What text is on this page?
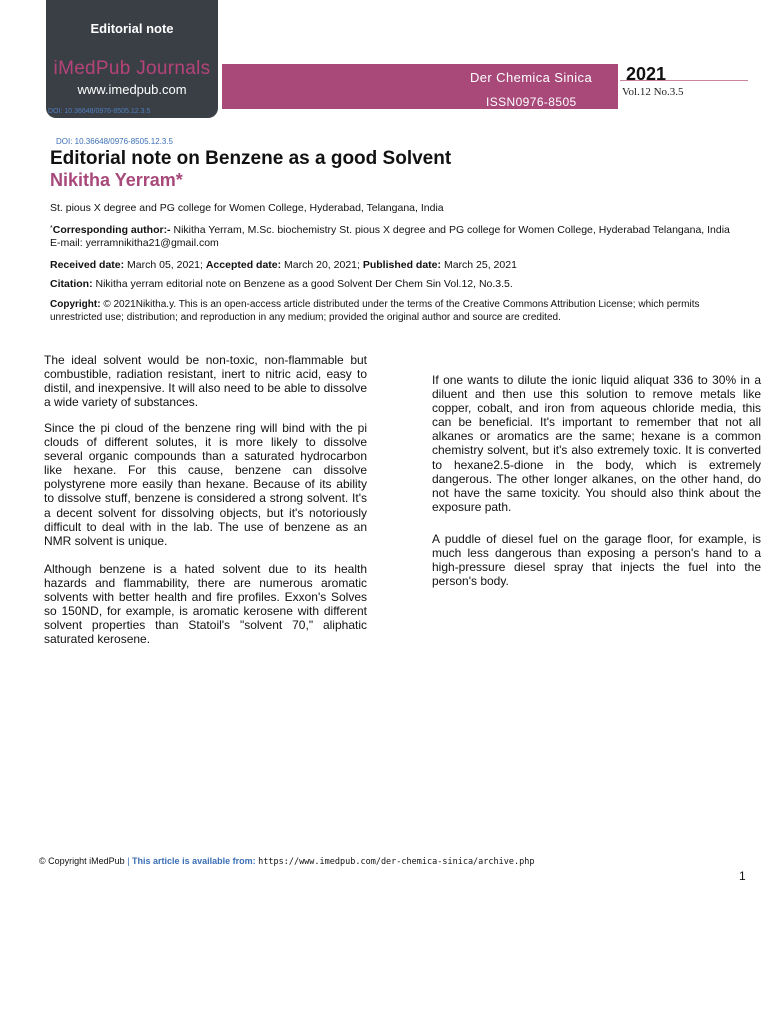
Editorial note
iMedPub Journals
www.imedpub.com
DOI: 10.36648/0976-8505.12.3.5
Der Chemica Sinica
ISSN0976-8505
2021
Vol.12 No.3.5
DOI: 10.36648/0976-8505.12.3.5
Editorial note on Benzene as a good Solvent
Nikitha Yerram*
St. pious X degree and PG college for Women College, Hyderabad, Telangana, India
*Corresponding author:- Nikitha Yerram, M.Sc. biochemistry St. pious X degree and PG college for Women College, Hyderabad Telangana, India E-mail: yerramnikitha21@gmail.com
Received date: March 05, 2021; Accepted date: March 20, 2021; Published date: March 25, 2021
Citation: Nikitha yerram editorial note on Benzene as a good Solvent Der Chem Sin Vol.12, No.3.5.
Copyright: © 2021Nikitha.y. This is an open-access article distributed under the terms of the Creative Commons Attribution License; which permits unrestricted use; distribution; and reproduction in any medium; provided the original author and source are credited.
The ideal solvent would be non-toxic, non-flammable but combustible, radiation resistant, inert to nitric acid, easy to distil, and inexpensive. It will also need to be able to dissolve a wide variety of substances.
Since the pi cloud of the benzene ring will bind with the pi clouds of different solutes, it is more likely to dissolve several organic compounds than a saturated hydrocarbon like hexane. For this cause, benzene can dissolve polystyrene more easily than hexane. Because of its ability to dissolve stuff, benzene is considered a strong solvent. It's a decent solvent for dissolving objects, but it's notoriously difficult to deal with in the lab. The use of benzene as an NMR solvent is unique.
Although benzene is a hated solvent due to its health hazards and flammability, there are numerous aromatic solvents with better health and fire profiles. Exxon's Solves so 150ND, for example, is aromatic kerosene with different solvent properties than Statoil's "solvent 70," aliphatic saturated kerosene.
If one wants to dilute the ionic liquid aliquat 336 to 30% in a diluent and then use this solution to remove metals like copper, cobalt, and iron from aqueous chloride media, this can be beneficial. It's important to remember that not all alkanes or aromatics are the same; hexane is a common chemistry solvent, but it's also extremely toxic. It is converted to hexane2.5-dione in the body, which is extremely dangerous. The other longer alkanes, on the other hand, do not have the same toxicity. You should also think about the exposure path.
A puddle of diesel fuel on the garage floor, for example, is much less dangerous than exposing a person's hand to a high-pressure diesel spray that injects the fuel into the person's body.
© Copyright iMedPub | This article is available from: https://www.imedpub.com/der-chemica-sinica/archive.php
1
